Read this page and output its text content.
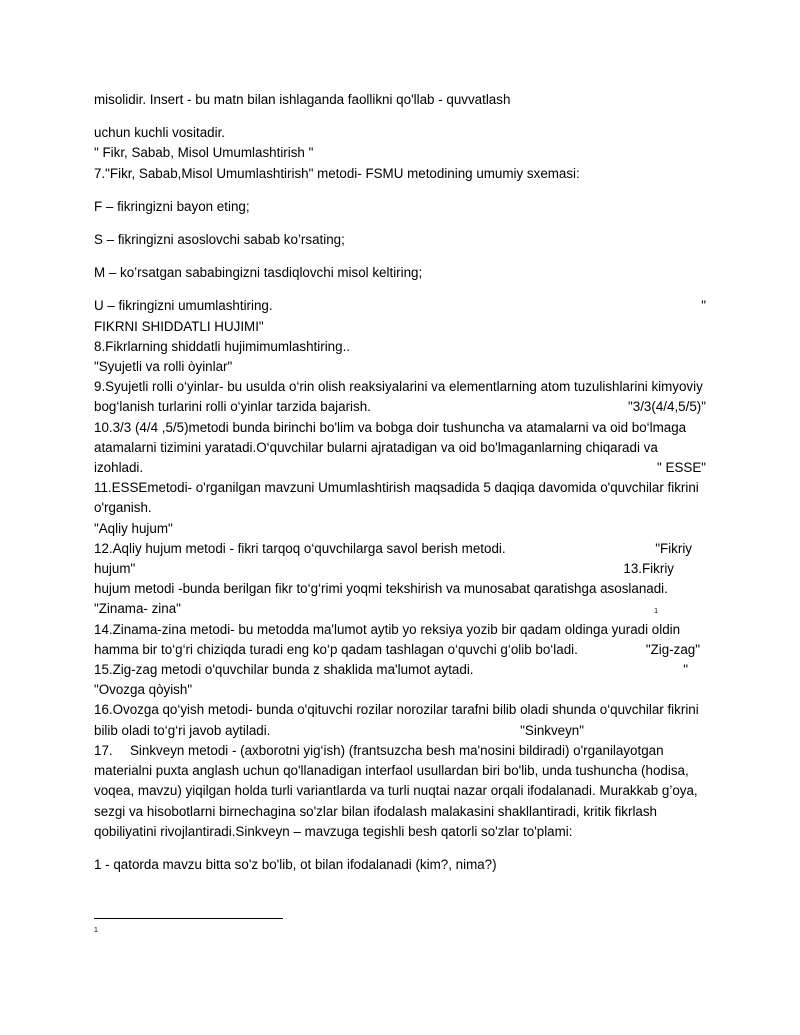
misolidir. Insert - bu matn bilan ishlaganda faollikni qo'llab - quvvatlash

uchun kuchli vositadir.

" Fikr, Sabab, Misol Umumlashtirish "

7."Fikr, Sabab,Misol Umumlashtirish" metodi- FSMU metodining umumiy sxemasi:

F – fikringizni bayon eting;

S – fikringizni asoslovchi sabab ko’rsating;

M – ko’rsatgan sababingizni tasdiqlovchi misol keltiring;

U – fikringizni umumlashtiring.	"

FIKRNI SHIDDATLI HUJIMI"

8.Fikrlarning shiddatli hujimimumlashtiring..

"Syujetli va rolli òyinlar"

9.Syujetli rolli o‘yinlar- bu usulda o‘rin olish reaksiyalarini va elementlarning atom tuzulishlarini kimyoviy

bog‘lanish turlarini rolli o‘yinlar tarzida bajarish.	"3/3(4/4,5/5)"

10.3/3 (4/4 ,5/5)metodi bunda birinchi bo'lim va bobga doir tushuncha va atamalarni va oid bo‘lmaga

atamalarni tizimini yaratadi.O‘quvchilar bularni ajratadigan va oid bo'lmaganlarning chiqaradi va

izohladi.	" ESSE"

11.ESSEmetodi- o'rganilgan mavzuni Umumlashtirish maqsadida 5 daqiqa davomida o'quvchilar fikrini

o'rganish.

"Aqliy hujum"

12.Aqliy hujum metodi - fikri tarqoq o‘quvchilarga savol berish metodi.	"Fikriy
hujum"	13.Fikriy

hujum metodi -bunda berilgan fikr to‘g‘rimi yoqmi tekshirish va munosabat qaratishga asoslanadi.

"Zinama- zina"	1

14.Zinama-zina metodi- bu metodda ma'lumot aytib yo reksiya yozib bir qadam oldinga yuradi oldin

hamma bir to‘g‘ri chiziqda turadi eng ko‘p qadam tashlagan o‘quvchi g‘olib bo‘ladi.	"Zig-zag"
15.Zig-zag metodi o'quvchilar bunda z shaklida ma'lumot aytadi.	"

"Ovozga qòyish"

16.Ovozga qo‘yish metodi- bunda o'qituvchi rozilar norozilar tarafni bilib oladi shunda o‘quvchilar fikrini

bilib oladi to‘g‘ri javob aytiladi.	"Sinkveyn"
17.	Sinkveyn metodi - (axborotni yig‘ish) (frantsuzcha besh ma'nosini bildiradi) o'rganilayotgan

materialni puxta anglash uchun qo'llanadigan interfaol usullardan biri bo'lib, unda tushuncha (hodisa,

voqea, mavzu) yiqilgan holda turli variantlarda va turli nuqtai nazar orqali ifodalanadi. Murakkab g’oya,

sezgi va hisobotlarni birnechagina so'zlar bilan ifodalash malakasini shakllantiradi, kritik fikrlash

qobiliyatini rivojlantiradi.Sinkveyn – mavzuga tegishli besh qatorli so'zlar to'plami:

1 - qatorda mavzu bitta so'z bo'lib, ot bilan ifodalanadi (kim?, nima?)

1
